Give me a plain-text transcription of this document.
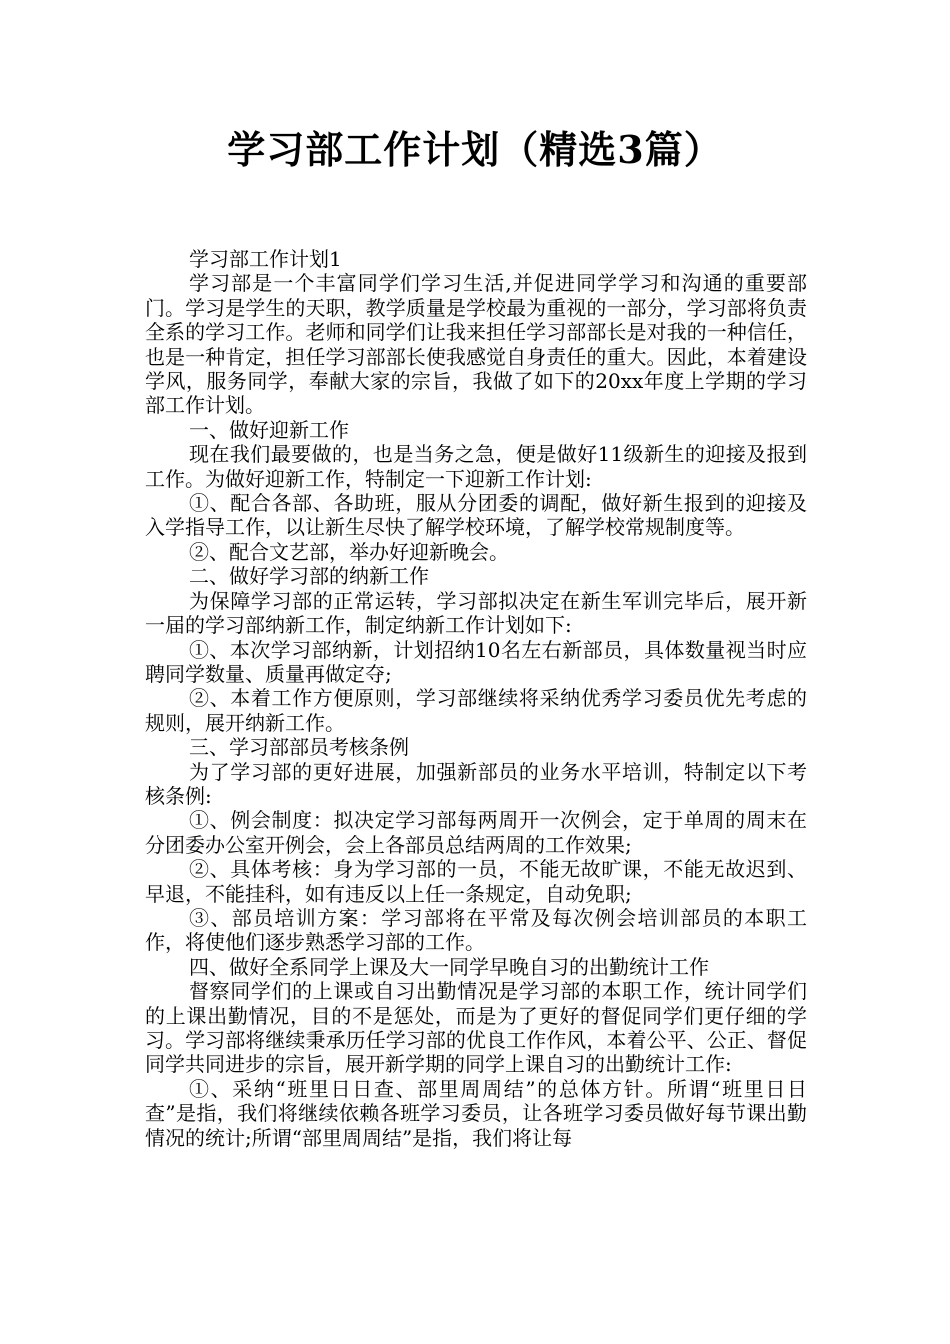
学习部工作计划（精选3篇）

学习部工作计划1

学习部是一个丰富同学们学习生活,并促进同学学习和沟通的重要部门。学习是学生的天职，教学质量是学校最为重视的一部分，学习部将负责全系的学习工作。老师和同学们让我来担任学习部部长是对我的一种信任，也是一种肯定，担任学习部部长使我感觉自身责任的重大。因此，本着建设学风，服务同学，奉献大家的宗旨，我做了如下的20xx年度上学期的学习部工作计划。

一、做好迎新工作

现在我们最要做的，也是当务之急，便是做好11级新生的迎接及报到工作。为做好迎新工作，特制定一下迎新工作计划:

①、配合各部、各助班，服从分团委的调配，做好新生报到的迎接及入学指导工作，以让新生尽快了解学校环境，了解学校常规制度等。

②、配合文艺部，举办好迎新晚会。

二、做好学习部的纳新工作

为保障学习部的正常运转，学习部拟决定在新生军训完毕后，展开新一届的学习部纳新工作，制定纳新工作计划如下:

①、本次学习部纳新，计划招纳10名左右新部员，具体数量视当时应聘同学数量、质量再做定夺;

②、本着工作方便原则，学习部继续将采纳优秀学习委员优先考虑的规则，展开纳新工作。

三、学习部部员考核条例

为了学习部的更好进展，加强新部员的业务水平培训，特制定以下考核条例:

①、例会制度：拟决定学习部每两周开一次例会，定于单周的周末在分团委办公室开例会，会上各部员总结两周的工作效果;

②、具体考核：身为学习部的一员，不能无故旷课，不能无故迟到、早退，不能挂科，如有违反以上任一条规定，自动免职;

③、部员培训方案：学习部将在平常及每次例会培训部员的本职工作，将使他们逐步熟悉学习部的工作。

四、做好全系同学上课及大一同学早晚自习的出勤统计工作

督察同学们的上课或自习出勤情况是学习部的本职工作，统计同学们的上课出勤情况，目的不是惩处，而是为了更好的督促同学们更仔细的学习。学习部将继续秉承历任学习部的优良工作作风，本着公平、公正、督促同学共同进步的宗旨，展开新学期的同学上课自习的出勤统计工作:

①、采纳“班里日日查、部里周周结”的总体方针。所谓“班里日日查”是指，我们将继续依赖各班学习委员，让各班学习委员做好每节课出勤情况的统计;所谓“部里周周结”是指，我们将让每
